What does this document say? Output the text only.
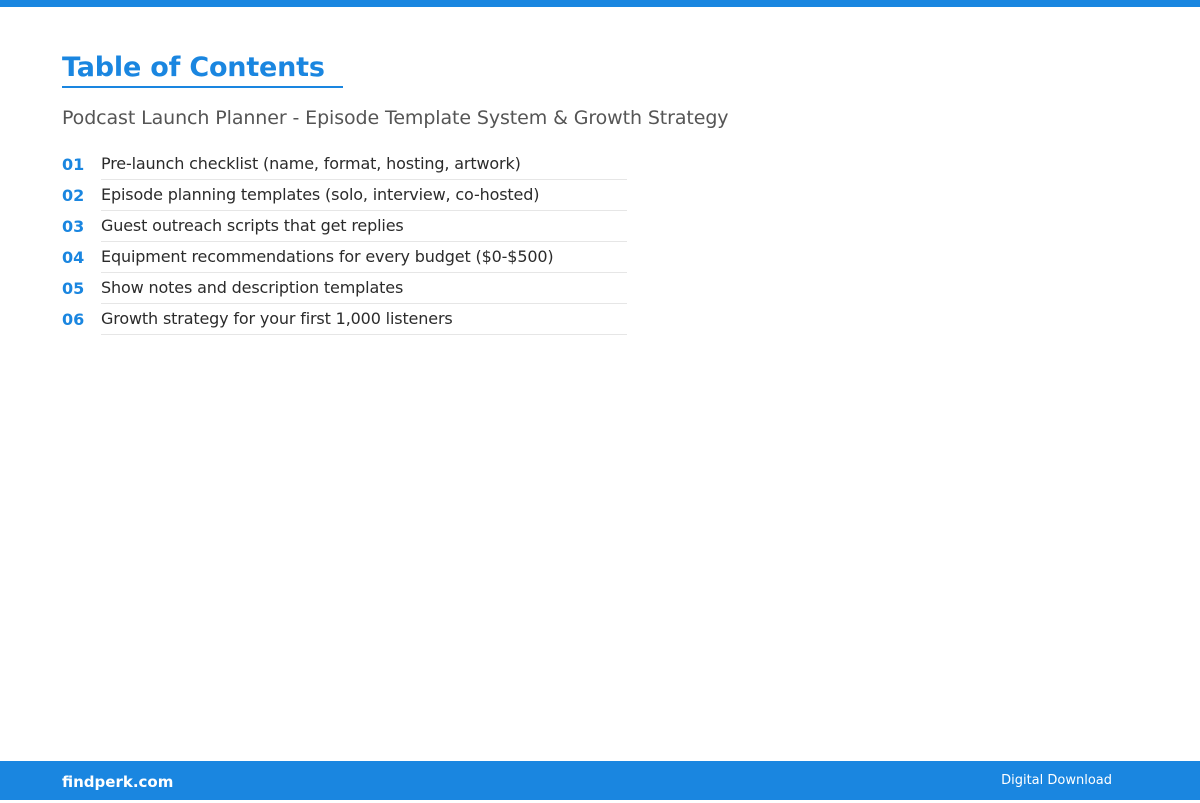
Table of Contents

Podcast Launch Planner - Episode Template System & Growth Strategy

01	Pre-launch checklist (name, format, hosting, artwork)
02	Episode planning templates (solo, interview, co-hosted)
03	Guest outreach scripts that get replies
04	Equipment recommendations for every budget ($0-$500)
05	Show notes and description templates
06	Growth strategy for your first 1,000 listeners
findperk.com	Digital Download
